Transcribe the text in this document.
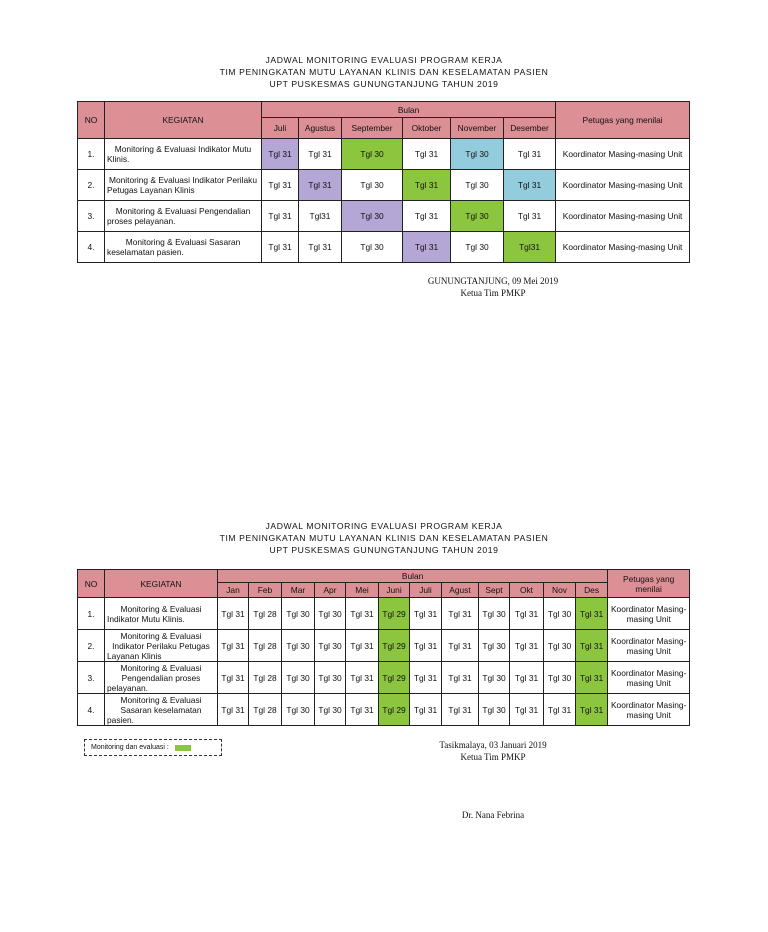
JADWAL MONITORING EVALUASI PROGRAM KERJA
TIM PENINGKATAN MUTU LAYANAN KLINIS DAN KESELAMATAN PASIEN
UPT PUSKESMAS GUNUNGTANJUNG TAHUN 2019
NO	KEGIATAN	Bulan						Petugas yang menilai
		Juli	Agustus	September	Oktober	November	Desember	
1.	Monitoring & Evaluasi Indikator Mutu Klinis.	Tgl 31	Tgl 31	Tgl 30	Tgl 31	Tgl 30	Tgl 31	Koordinator Masing-masing Unit
2.	Monitoring & Evaluasi Indikator Perilaku Petugas Layanan Klinis	Tgl 31	Tgl 31	Tgl 30	Tgl 31	Tgl 30	Tgl 31	Koordinator Masing-masing Unit
3.	Monitoring & Evaluasi Pengendalian proses pelayanan.	Tgl 31	Tgl31	Tgl 30	Tgl 31	Tgl 30	Tgl 31	Koordinator Masing-masing Unit
4.	Monitoring & Evaluasi Sasaran keselamatan pasien.	Tgl 31	Tgl 31	Tgl 30	Tgl 31	Tgl 30	Tgl31	Koordinator Masing-masing Unit
GUNUNGTANJUNG, 09 Mei 2019
Ketua Tim PMKP
JADWAL MONITORING EVALUASI PROGRAM KERJA
TIM PENINGKATAN MUTU LAYANAN KLINIS DAN KESELAMATAN PASIEN
UPT PUSKESMAS GUNUNGTANJUNG TAHUN 2019
NO	KEGIATAN	Bulan												Petugas yang menilai
		Jan	Feb	Mar	Apr	Mei	Juni	Juli	Agust	Sept	Okt	Nov	Des	
1.	Monitoring & Evaluasi Indikator Mutu Klinis.	Tgl 31	Tgl 28	Tgl 30	Tgl 30	Tgl 31	Tgl 29	Tgl 31	Tgl 31	Tgl 30	Tgl 31	Tgl 30	Tgl 31	Koordinator Masing-masing Unit
2.	Monitoring & Evaluasi Indikator Perilaku Petugas Layanan Klinis	Tgl 31	Tgl 28	Tgl 30	Tgl 30	Tgl 31	Tgl 29	Tgl 31	Tgl 31	Tgl 30	Tgl 31	Tgl 30	Tgl 31	Koordinator Masing-masing Unit
3.	Monitoring & Evaluasi Pengendalian proses pelayanan.	Tgl 31	Tgl 28	Tgl 30	Tgl 30	Tgl 31	Tgl 29	Tgl 31	Tgl 31	Tgl 30	Tgl 31	Tgl 30	Tgl 31	Koordinator Masing-masing Unit
4.	Monitoring & Evaluasi Sasaran keselamatan pasien.	Tgl 31	Tgl 28	Tgl 30	Tgl 30	Tgl 31	Tgl 29	Tgl 31	Tgl 31	Tgl 30	Tgl 31	Tgl 31	Tgl 31	Koordinator Masing-masing Unit
Monitoring dan evaluasi :	Tasikmalaya, 03 Januari 2019
Ketua Tim PMKP
Dr. Nana Febrina
